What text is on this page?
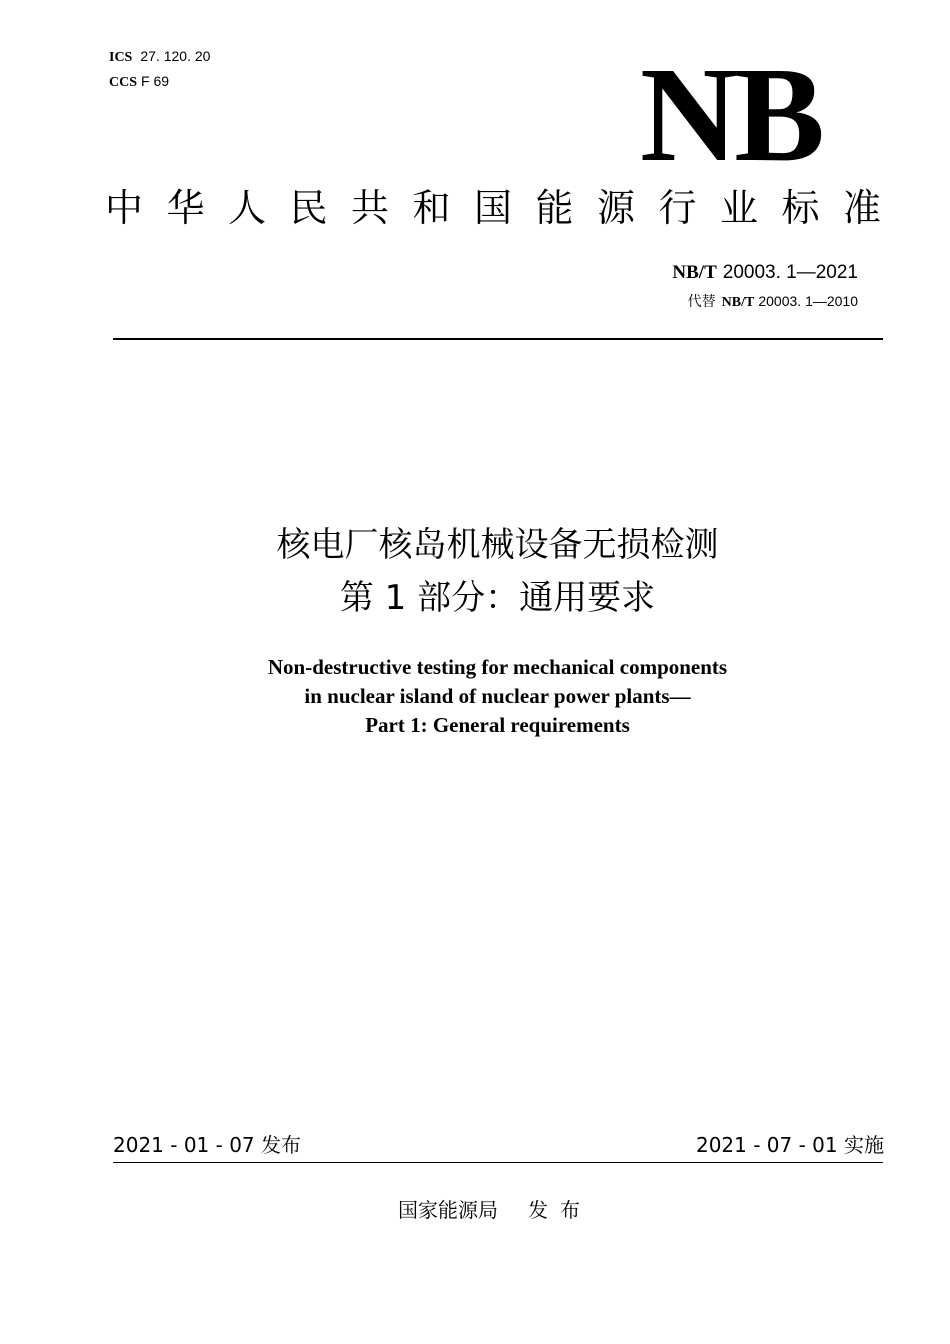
ICS 27. 120. 20
CCS F 69	NB
中华人民共和国能源行业标准
NB/T 20003. 1—2021
代替 NB/T 20003. 1—2010
核电厂核岛机械设备无损检测
第 1 部分：通用要求
Non-destructive testing for mechanical components
in nuclear island of nuclear power plants—
Part 1: General requirements
2021 - 01 - 07 发布	2021 - 07 - 01 实施
国家能源局 发布
